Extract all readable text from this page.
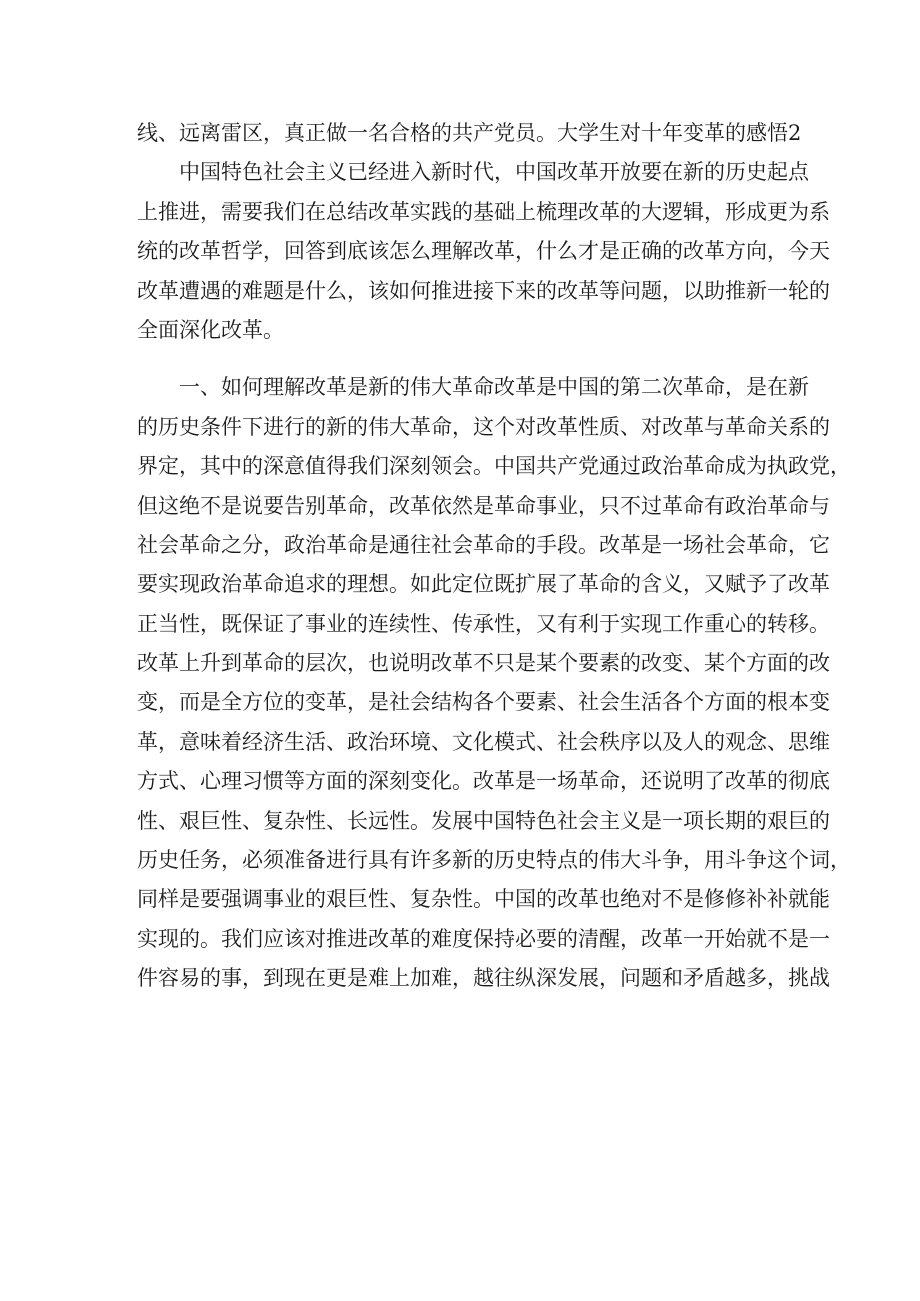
线、远离雷区，真正做一名合格的共产党员。大学生对十年变革的感悟2
中国特色社会主义已经进入新时代，中国改革开放要在新的历史起点
上推进，需要我们在总结改革实践的基础上梳理改革的大逻辑，形成更为系
统的改革哲学，回答到底该怎么理解改革，什么才是正确的改革方向，今天
改革遭遇的难题是什么，该如何推进接下来的改革等问题，以助推新一轮的
全面深化改革。
一、如何理解改革是新的伟大革命改革是中国的第二次革命，是在新
的历史条件下进行的新的伟大革命，这个对改革性质、对改革与革命关系的
界定，其中的深意值得我们深刻领会。中国共产党通过政治革命成为执政党，
但这绝不是说要告别革命，改革依然是革命事业，只不过革命有政治革命与
社会革命之分，政治革命是通往社会革命的手段。改革是一场社会革命，它
要实现政治革命追求的理想。如此定位既扩展了革命的含义，又赋予了改革
正当性，既保证了事业的连续性、传承性，又有利于实现工作重心的转移。
改革上升到革命的层次，也说明改革不只是某个要素的改变、某个方面的改
变，而是全方位的变革，是社会结构各个要素、社会生活各个方面的根本变
革，意味着经济生活、政治环境、文化模式、社会秩序以及人的观念、思维
方式、心理习惯等方面的深刻变化。改革是一场革命，还说明了改革的彻底
性、艰巨性、复杂性、长远性。发展中国特色社会主义是一项长期的艰巨的
历史任务，必须准备进行具有许多新的历史特点的伟大斗争，用斗争这个词，
同样是要强调事业的艰巨性、复杂性。中国的改革也绝对不是修修补补就能
实现的。我们应该对推进改革的难度保持必要的清醒，改革一开始就不是一
件容易的事，到现在更是难上加难，越往纵深发展，问题和矛盾越多，挑战
